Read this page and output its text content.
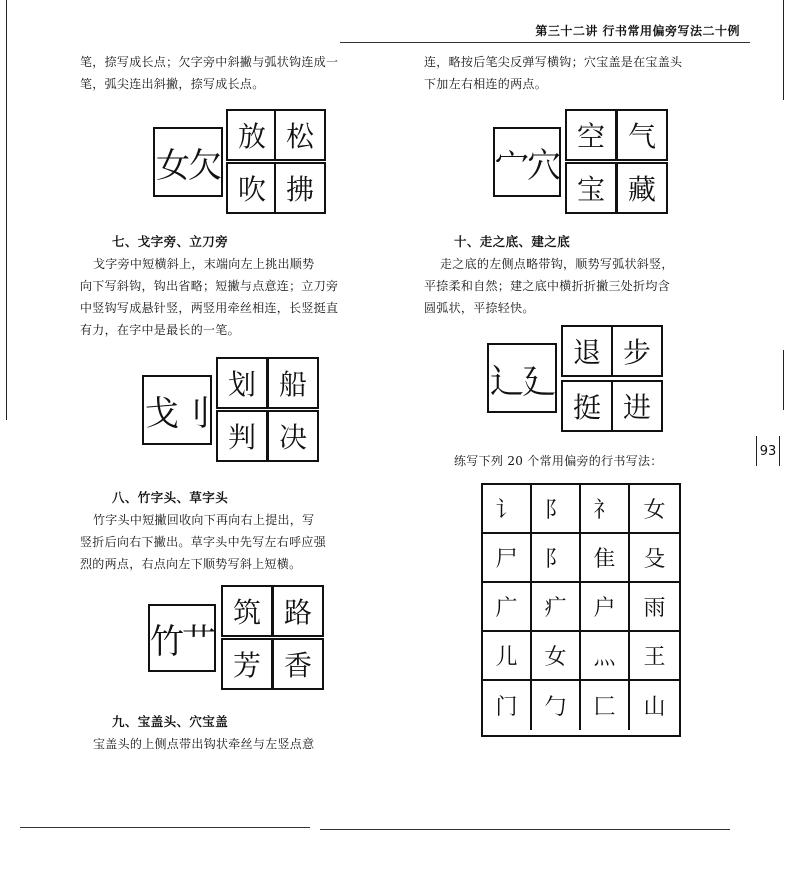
第三十二讲 行书常用偏旁写法二十例
93
笔，捺写成长点；欠字旁中斜撇与弧状钩连成一
笔，弧尖连出斜撇，捺写成长点。
女欠
放 松
吹 拂
七、戈字旁、立刀旁
戈字旁中短横斜上，末端向左上挑出顺势
向下写斜钩，钩出省略；短撇与点意连；立刀旁
中竖钩写成悬针竖，两竖用牵丝相连，长竖挺直
有力，在字中是最长的一笔。
戈刂
划 船
判 决
八、竹字头、草字头
竹字头中短撇回收向下再向右上提出，写
竖折后向右下撇出。草字头中先写左右呼应强
烈的两点，右点向左下顺势写斜上短横。
竹艹
筑 路
芳 香
九、宝盖头、穴宝盖
宝盖头的上侧点带出钩状牵丝与左竖点意
连，略按后笔尖反弹写横钩；穴宝盖是在宝盖头
下加左右相连的两点。
宀穴
空 气
宝 藏
十、走之底、建之底
走之底的左侧点略带钩，顺势写弧状斜竖，
平捺柔和自然；建之底中横折折撇三处折均含
圆弧状，平捺轻快。
辶廴
退 步
挺 进
练写下列 20 个常用偏旁的行书写法：
讠	阝	礻	女
尸	阝	隹	殳
广	疒	户	雨
儿	女	灬	王
门	勹	匚	山
